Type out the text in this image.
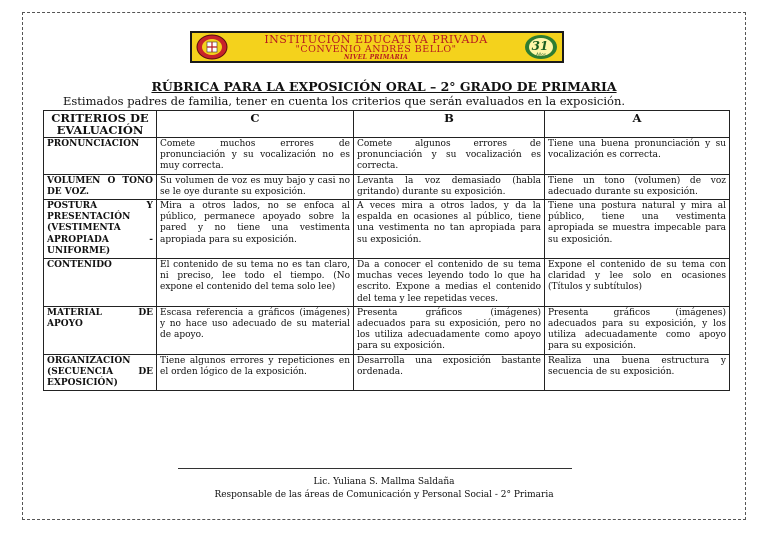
INSTITUCIÓN EDUCATIVA PRIVADA
"CONVENIO ANDRÉS BELLO"
NIVEL PRIMARIA
31
Años
RÚBRICA PARA LA EXPOSICIÓN ORAL – 2° GRADO DE PRIMARIA
Estimados padres de familia, tener en cuenta los criterios que serán evaluados en la exposición.
CRITERIOS DE EVALUACIÓN	C	B	A
PRONUNCIACIÓN	Comete muchos errores de pronunciación y su vocalización no es muy correcta.	Comete algunos errores de pronunciación y su vocalización es correcta.	Tiene una buena pronunciación y su vocalización es correcta.
VOLUMEN O TONO DE VOZ.	Su volumen de voz es muy bajo y casi no se le oye durante su exposición.	Levanta la voz demasiado (habla gritando) durante su exposición.	Tiene un tono (volumen) de voz adecuado durante su exposición.
POSTURA Y PRESENTACIÓN (VESTIMENTA APROPIADA - UNIFORME)	Mira a otros lados, no se enfoca al público, permanece apoyado sobre la pared y no tiene una vestimenta apropiada para su exposición.	A veces mira a otros lados, y da la espalda en ocasiones al público, tiene una vestimenta no tan apropiada para su exposición.	Tiene una postura natural y mira al público, tiene una vestimenta apropiada se muestra impecable para su exposición.
CONTENIDO	El contenido de su tema no es tan claro, ni preciso, lee todo el tiempo. (No expone el contenido del tema solo lee)	Da a conocer el contenido de su tema muchas veces leyendo todo lo que ha escrito. Expone a medias el contenido del tema y lee repetidas veces.	Expone el contenido de su tema con claridad y lee solo en ocasiones (Títulos y subtítulos)
MATERIAL DE APOYO	Escasa referencia a gráficos (imágenes) y no hace uso adecuado de su material de apoyo.	Presenta gráficos (imágenes) adecuados para su exposición, pero no los utiliza adecuadamente como apoyo para su exposición.	Presenta gráficos (imágenes) adecuados para su exposición, y los utiliza adecuadamente como apoyo para su exposición.
ORGANIZACIÓN (SECUENCIA DE EXPOSICIÓN)	Tiene algunos errores y repeticiones en el orden lógico de la exposición.	Desarrolla una exposición bastante ordenada.	Realiza una buena estructura y secuencia de su exposición.
Lic. Yuliana S. Mallma Saldaña
Responsable de las áreas de Comunicación y Personal Social - 2° Primaria
